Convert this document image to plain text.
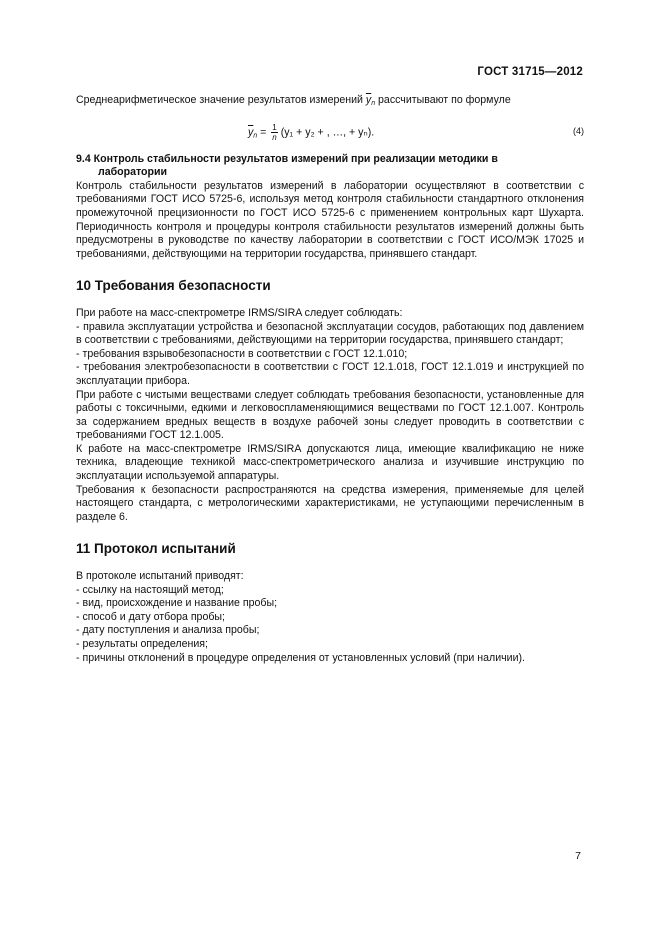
ГОСТ 31715—2012

Среднеарифметическое значение результатов измерений $\overline{y}_n$ рассчитывают по формуле

$\overline{y}_n = \frac{1}{n} (y_1 + y_2$ + , …, + yₙ).	(4)

9.4 Контроль стабильности результатов измерений при реализации методики в
лаборатории

Контроль стабильности результатов измерений в лаборатории осуществляют в соответствии с требованиями ГОСТ ИСО 5725-6, используя метод контроля стабильности стандартного отклонения промежуточной прецизионности по ГОСТ ИСО 5725-6 с применением контрольных карт Шухарта. Периодичность контроля и процедуры контроля стабильности результатов измерений должны быть предусмотрены в руководстве по качеству лаборатории в соответствии с ГОСТ ИСО/МЭК 17025 и требованиями, действующими на территории государства, принявшего стандарт.

10 Требования безопасности

При работе на масс-спектрометре IRMS/SIRA следует соблюдать:

- правила эксплуатации устройства и безопасной эксплуатации сосудов, работающих под давлением в соответствии с требованиями, действующими на территории государства, принявшего стандарт;

- требования взрывобезопасности в соответствии с ГОСТ 12.1.010;

- требования электробезопасности в соответствии с ГОСТ 12.1.018, ГОСТ 12.1.019 и инструкцией по эксплуатации прибора.

При работе с чистыми веществами следует соблюдать требования безопасности, установленные для работы с токсичными, едкими и легковоспламеняющимися веществами по ГОСТ 12.1.007. Контроль за содержанием вредных веществ в воздухе рабочей зоны следует проводить в соответствии с требованиями ГОСТ 12.1.005.

К работе на масс-спектрометре IRMS/SIRA допускаются лица, имеющие квалификацию не ниже техника, владеющие техникой масс-спектрометрического анализа и изучившие инструкцию по эксплуатации используемой аппаратуры.

Требования к безопасности распространяются на средства измерения, применяемые для целей настоящего стандарта, с метрологическими характеристиками, не уступающими перечисленным в разделе 6.

11 Протокол испытаний

В протоколе испытаний приводят:

- ссылку на настоящий метод;

- вид, происхождение и название пробы;

- способ и дату отбора пробы;

- дату поступления и анализа пробы;

- результаты определения;

- причины отклонений в процедуре определения от установленных условий (при наличии).

7
